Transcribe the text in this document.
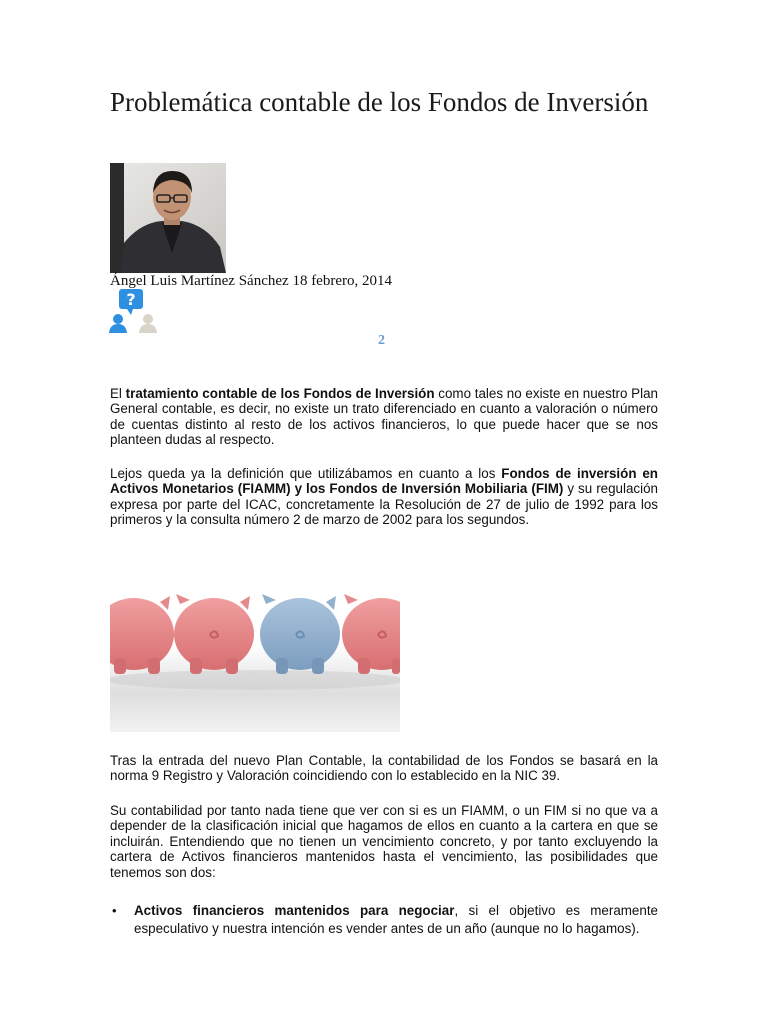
Problemática contable de los Fondos de Inversión
Ángel Luis Martínez Sánchez 18 febrero, 2014
?
2

El tratamiento contable de los Fondos de Inversión como tales no existe en nuestro Plan General contable, es decir, no existe un trato diferenciado en cuanto a valoración o número de cuentas distinto al resto de los activos financieros, lo que puede hacer que se nos planteen dudas al respecto.

Lejos queda ya la definición que utilizábamos en cuanto a los Fondos de inversión en Activos Monetarios (FIAMM) y los Fondos de Inversión Mobiliaria (FIM) y su regulación expresa por parte del ICAC, concretamente la Resolución de 27 de julio de 1992 para los primeros y la consulta número 2 de marzo de 2002 para los segundos.

Tras la entrada del nuevo Plan Contable, la contabilidad de los Fondos se basará en la norma 9 Registro y Valoración coincidiendo con lo establecido en la NIC 39.

Su contabilidad por tanto nada tiene que ver con si es un FIAMM, o un FIM si no que va a depender de la clasificación inicial que hagamos de ellos en cuanto a la cartera en que se incluirán. Entendiendo que no tienen un vencimiento concreto, y por tanto excluyendo la cartera de Activos financieros mantenidos hasta el vencimiento, las posibilidades que tenemos son dos:

• Activos financieros mantenidos para negociar, si el objetivo es meramente especulativo y nuestra intención es vender antes de un año (aunque no lo hagamos).
